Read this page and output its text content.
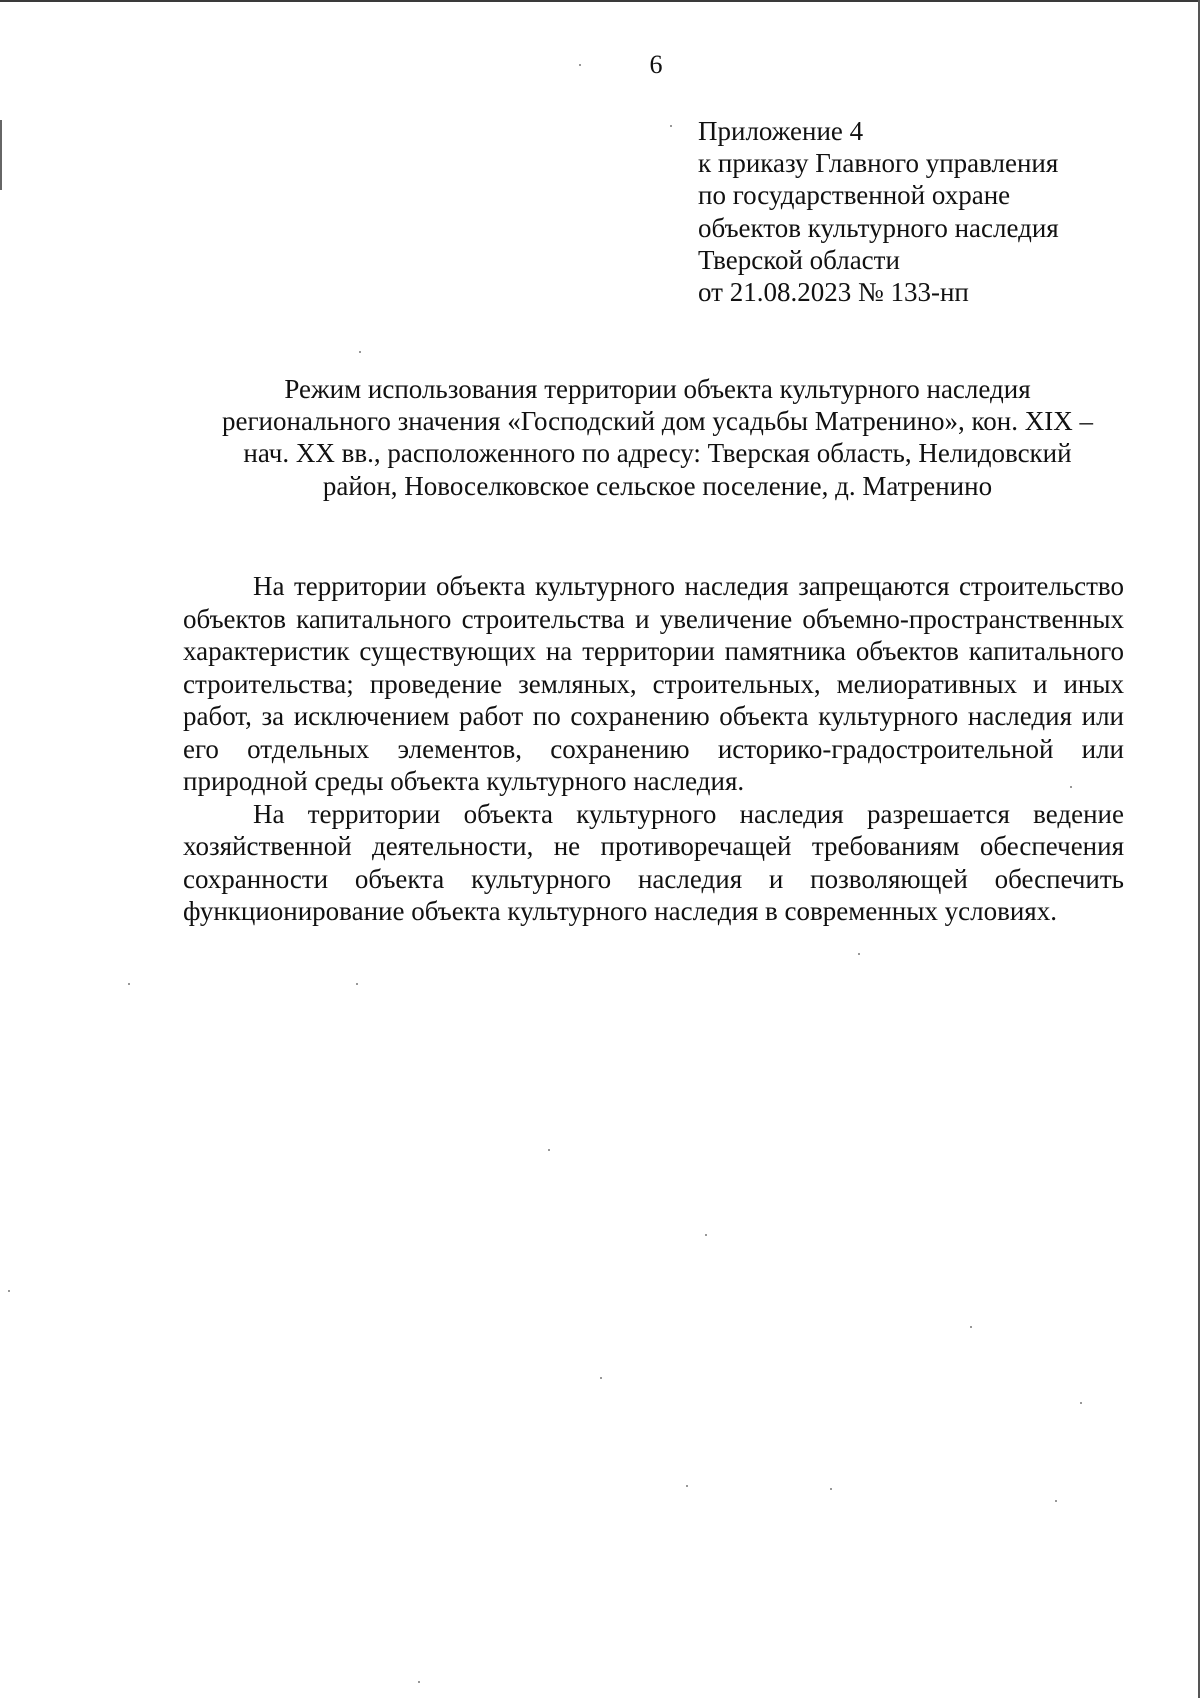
6
Приложение 4
к приказу Главного управления
по государственной охране
объектов культурного наследия
Тверской области
от 21.08.2023 № 133-нп
Режим использования территории объекта культурного наследия
регионального значения «Господский дом усадьбы Матренино», кон. XIX –
нач. XX вв., расположенного по адресу: Тверская область, Нелидовский
район, Новоселковское сельское поселение, д. Матренино

На территории объекта культурного наследия запрещаются строительство объектов капитального строительства и увеличение объемно-пространственных характеристик существующих на территории памятника объектов капитального строительства; проведение земляных, строительных, мелиоративных и иных работ, за исключением работ по сохранению объекта культурного наследия или его отдельных элементов, сохранению историко-градостроительной или природной среды объекта культурного наследия.

На территории объекта культурного наследия разрешается ведение хозяйственной деятельности, не противоречащей требованиям обеспечения сохранности объекта культурного наследия и позволяющей обеспечить функционирование объекта культурного наследия в современных условиях.
